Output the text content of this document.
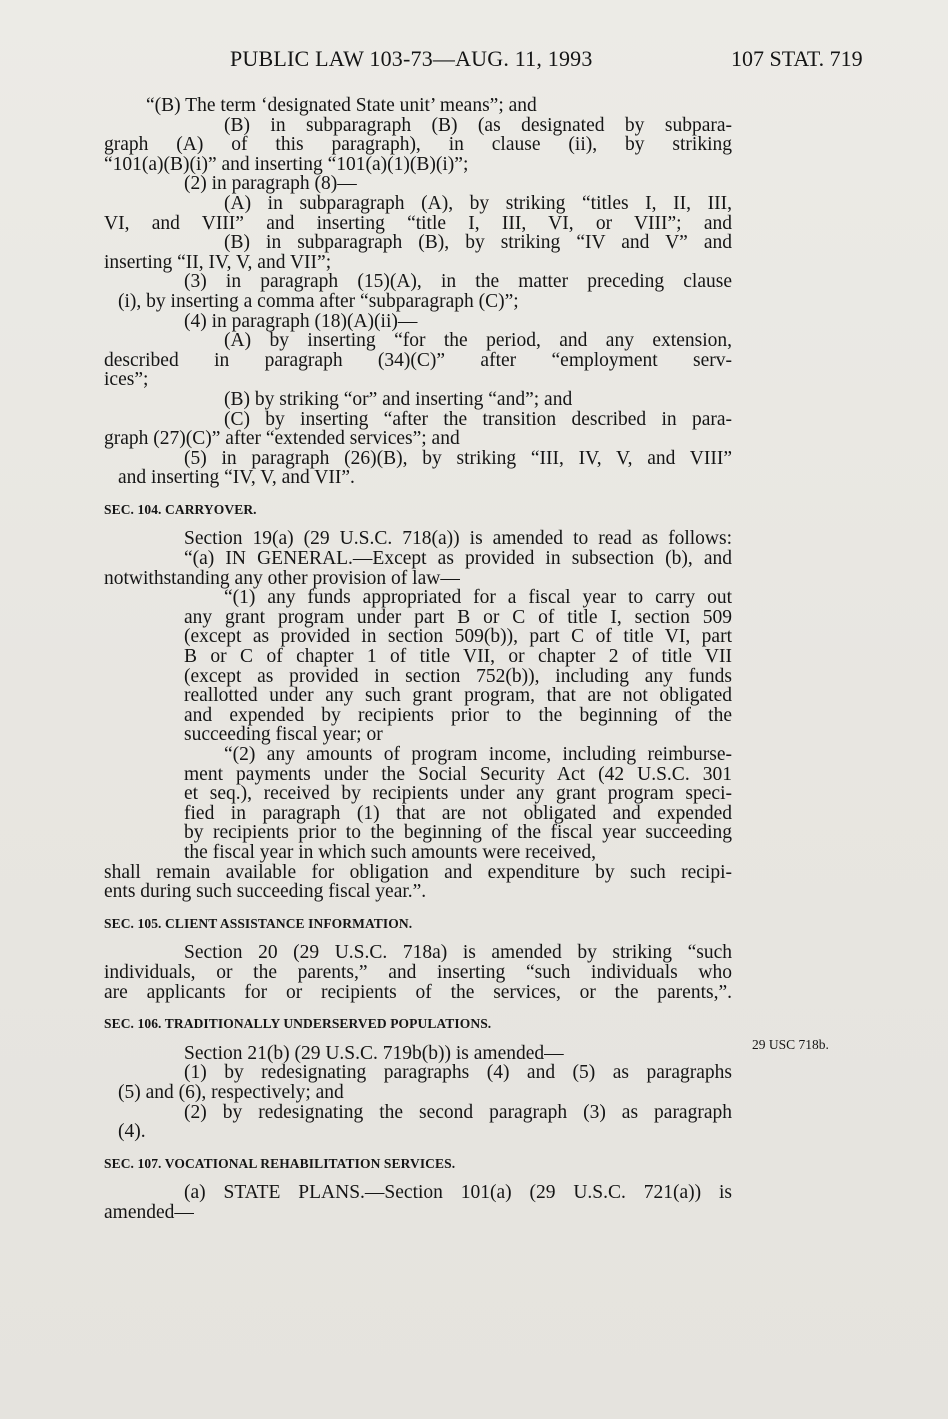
PUBLIC LAW 103-73—AUG. 11, 1993	107 STAT. 719
29 USC 718b.
“(B) The term ‘designated State unit’ means”; and
(B) in subparagraph (B) (as designated by subpara-
graph (A) of this paragraph), in clause (ii), by striking
“101(a)(B)(i)” and inserting “101(a)(1)(B)(i)”;
(2) in paragraph (8)—
(A) in subparagraph (A), by striking “titles I, II, III,
VI, and VIII” and inserting “title I, III, VI, or VIII”; and
(B) in subparagraph (B), by striking “IV and V” and
inserting “II, IV, V, and VII”;
(3) in paragraph (15)(A), in the matter preceding clause
(i), by inserting a comma after “subparagraph (C)”;
(4) in paragraph (18)(A)(ii)—
(A) by inserting “for the period, and any extension,
described in paragraph (34)(C)” after “employment serv-
ices”;
(B) by striking “or” and inserting “and”; and
(C) by inserting “after the transition described in para-
graph (27)(C)” after “extended services”; and
(5) in paragraph (26)(B), by striking “III, IV, V, and VIII”
and inserting “IV, V, and VII”.
SEC. 104. CARRYOVER.
Section 19(a) (29 U.S.C. 718(a)) is amended to read as follows:
“(a) IN GENERAL.—Except as provided in subsection (b), and
notwithstanding any other provision of law—
“(1) any funds appropriated for a fiscal year to carry out
any grant program under part B or C of title I, section 509
(except as provided in section 509(b)), part C of title VI, part
B or C of chapter 1 of title VII, or chapter 2 of title VII
(except as provided in section 752(b)), including any funds
reallotted under any such grant program, that are not obligated
and expended by recipients prior to the beginning of the
succeeding fiscal year; or
“(2) any amounts of program income, including reimburse-
ment payments under the Social Security Act (42 U.S.C. 301
et seq.), received by recipients under any grant program speci-
fied in paragraph (1) that are not obligated and expended
by recipients prior to the beginning of the fiscal year succeeding
the fiscal year in which such amounts were received,
shall remain available for obligation and expenditure by such recipi-
ents during such succeeding fiscal year.”.
SEC. 105. CLIENT ASSISTANCE INFORMATION.
Section 20 (29 U.S.C. 718a) is amended by striking “such
individuals, or the parents,” and inserting “such individuals who
are applicants for or recipients of the services, or the parents,”.
SEC. 106. TRADITIONALLY UNDERSERVED POPULATIONS.
Section 21(b) (29 U.S.C. 719b(b)) is amended—
(1) by redesignating paragraphs (4) and (5) as paragraphs
(5) and (6), respectively; and
(2) by redesignating the second paragraph (3) as paragraph
(4).
SEC. 107. VOCATIONAL REHABILITATION SERVICES.
(a) STATE PLANS.—Section 101(a) (29 U.S.C. 721(a)) is
amended—
